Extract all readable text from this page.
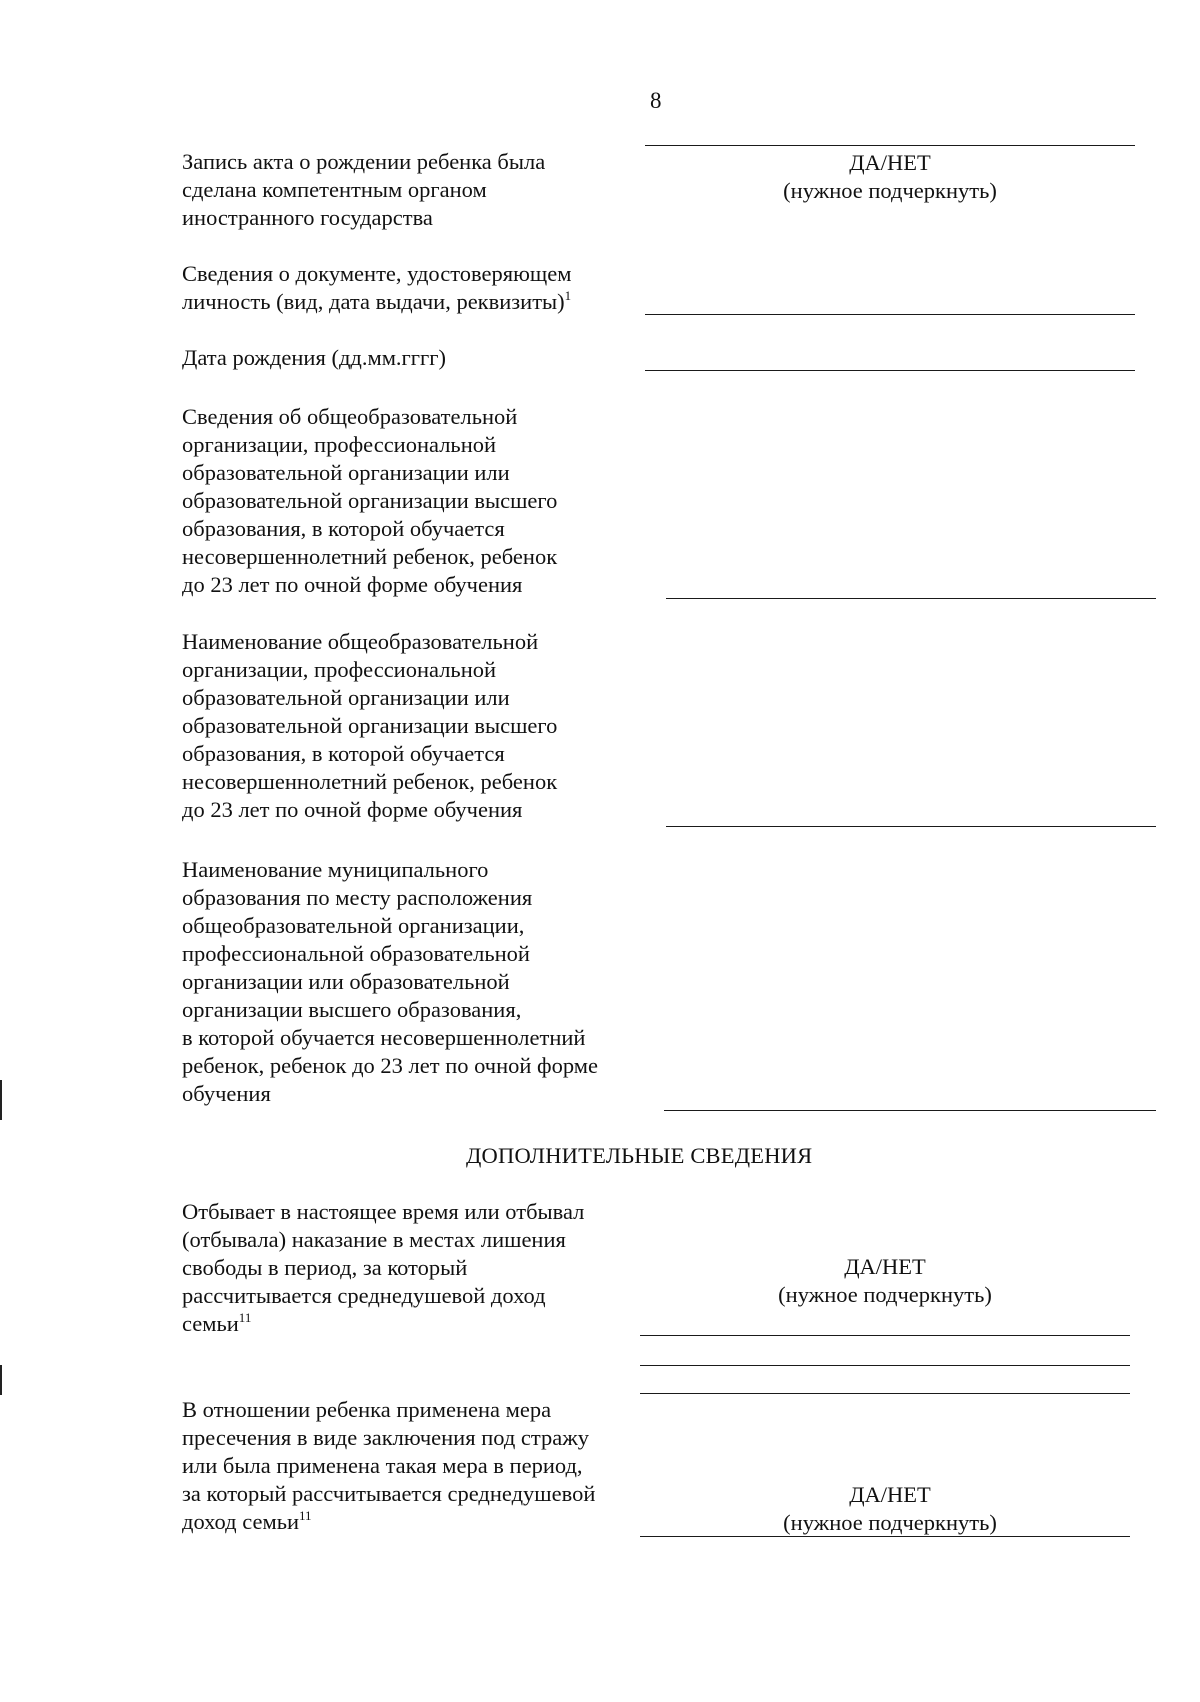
8
Запись акта о рождении ребенка была
сделана компетентным органом
иностранного государства
ДА/НЕТ
(нужное подчеркнуть)
Сведения о документе, удостоверяющем
личность (вид, дата выдачи, реквизиты)$^1$
Дата рождения (дд.мм.гггг)
Сведения об общеобразовательной
организации, профессиональной
образовательной организации или
образовательной организации высшего
образования, в которой обучается
несовершеннолетний ребенок, ребенок
до 23 лет по очной форме обучения
Наименование общеобразовательной
организации, профессиональной
образовательной организации или
образовательной организации высшего
образования, в которой обучается
несовершеннолетний ребенок, ребенок
до 23 лет по очной форме обучения
Наименование муниципального
образования по месту расположения
общеобразовательной организации,
профессиональной образовательной
организации или образовательной
организации высшего образования,
в которой обучается несовершеннолетний
ребенок, ребенок до 23 лет по очной форме
обучения
ДОПОЛНИТЕЛЬНЫЕ СВЕДЕНИЯ
Отбывает в настоящее время или отбывал
(отбывала) наказание в местах лишения
свободы в период, за который
рассчитывается среднедушевой доход
семьи$^{11}$
ДА/НЕТ
(нужное подчеркнуть)
В отношении ребенка применена мера
пресечения в виде заключения под стражу
или была применена такая мера в период,
за который рассчитывается среднедушевой
доход семьи$^{11}$
ДА/НЕТ
(нужное подчеркнуть)
